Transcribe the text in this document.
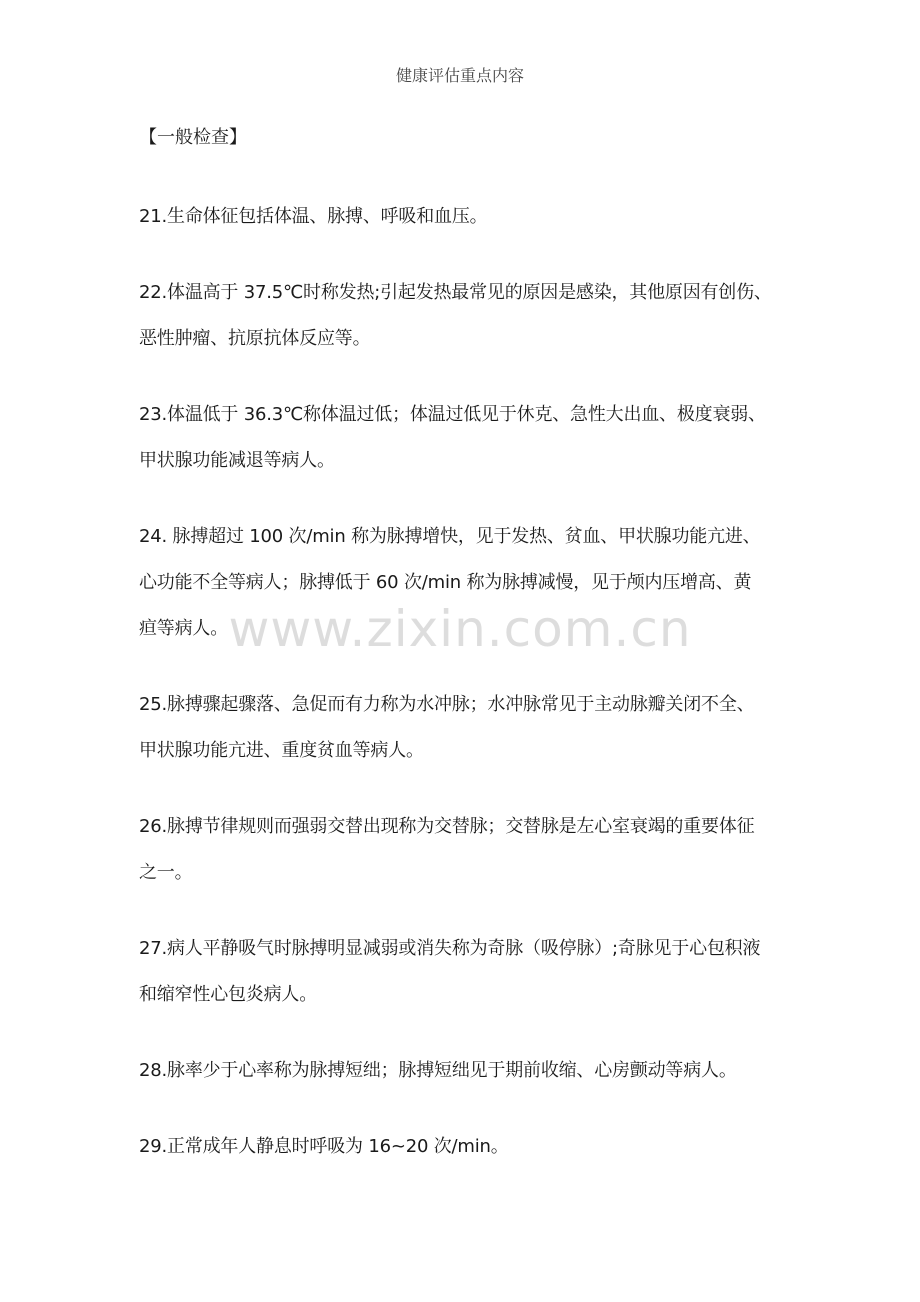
健康评估重点内容
www.zixin.com.cn
【一般检查】
21.生命体征包括体温、脉搏、呼吸和血压。
22.体温高于 37.5℃时称发热;引起发热最常见的原因是感染，其他原因有创伤、
恶性肿瘤、抗原抗体反应等。
23.体温低于 36.3℃称体温过低；体温过低见于休克、急性大出血、极度衰弱、
甲状腺功能减退等病人。
24. 脉搏超过 100 次/min 称为脉搏增快，见于发热、贫血、甲状腺功能亢进、
心功能不全等病人；脉搏低于 60 次/min 称为脉搏减慢，见于颅内压增高、黄
疸等病人。
25.脉搏骤起骤落、急促而有力称为水冲脉；水冲脉常见于主动脉瓣关闭不全、
甲状腺功能亢进、重度贫血等病人。
26.脉搏节律规则而强弱交替出现称为交替脉；交替脉是左心室衰竭的重要体征
之一。
27.病人平静吸气时脉搏明显减弱或消失称为奇脉（吸停脉）;奇脉见于心包积液
和缩窄性心包炎病人。
28.脉率少于心率称为脉搏短绌；脉搏短绌见于期前收缩、心房颤动等病人。
29.正常成年人静息时呼吸为 16~20 次/min。
